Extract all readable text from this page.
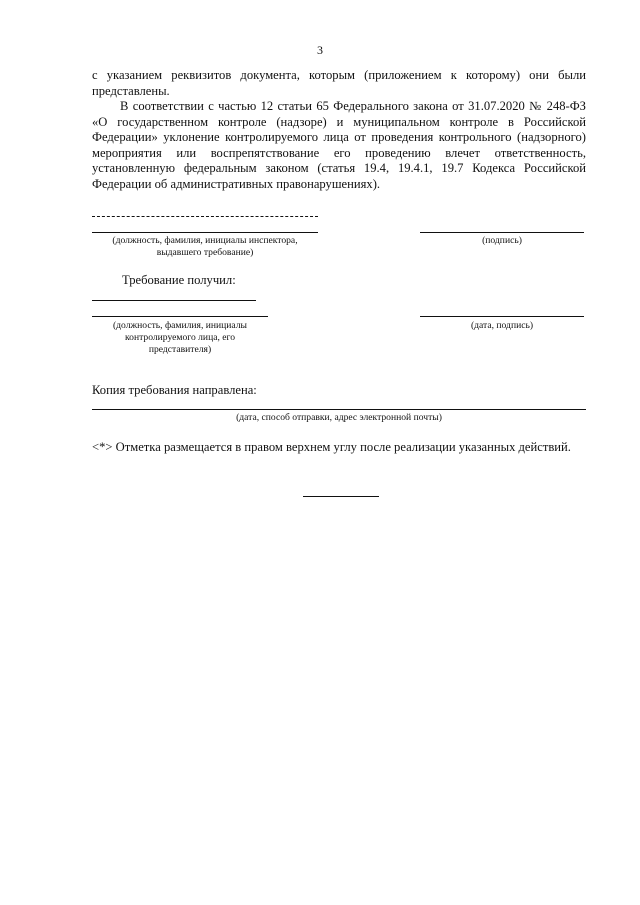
3
с указанием реквизитов документа, которым (приложением к которому) они были представлены.
В соответствии с частью 12 статьи 65 Федерального закона от 31.07.2020 № 248-ФЗ «О государственном контроле (надзоре) и муниципальном контроле в Российской Федерации» уклонение контролируемого лица от проведения контрольного (надзорного) мероприятия или воспрепятствование его проведению влечет ответственность, установленную федеральным законом (статья 19.4, 19.4.1, 19.7 Кодекса Российской Федерации об административных правонарушениях).
(должность, фамилия, инициалы инспектора,
выдавшего требование)
(подпись)
Требование получил:
(должность, фамилия, инициалы
контролируемого лица, его
представителя)
(дата, подпись)
Копия требования направлена:
(дата, способ отправки, адрес электронной почты)
<*> Отметка размещается в правом верхнем углу после реализации указанных действий.
